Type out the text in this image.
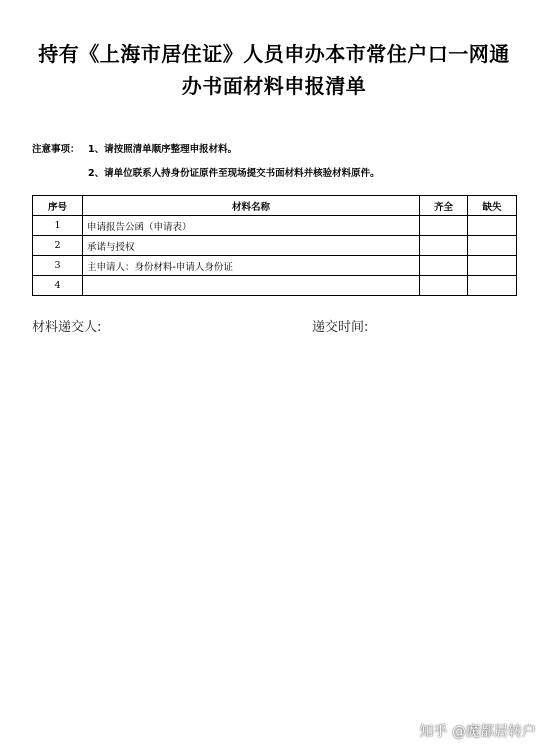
持有《上海市居住证》人员申办本市常住户口一网通
办书面材料申报清单
注意事项： 1、请按照清单顺序整理申报材料。
2、请单位联系人持身份证原件至现场提交书面材料并核验材料原件。
序号	材料名称	齐全	缺失
1	申请报告公函（申请表）		
2	承诺与授权		
3	主申请人：身份材料-申请人身份证		
4			
材料递交人:	递交时间:
知乎 @魔都居转户
